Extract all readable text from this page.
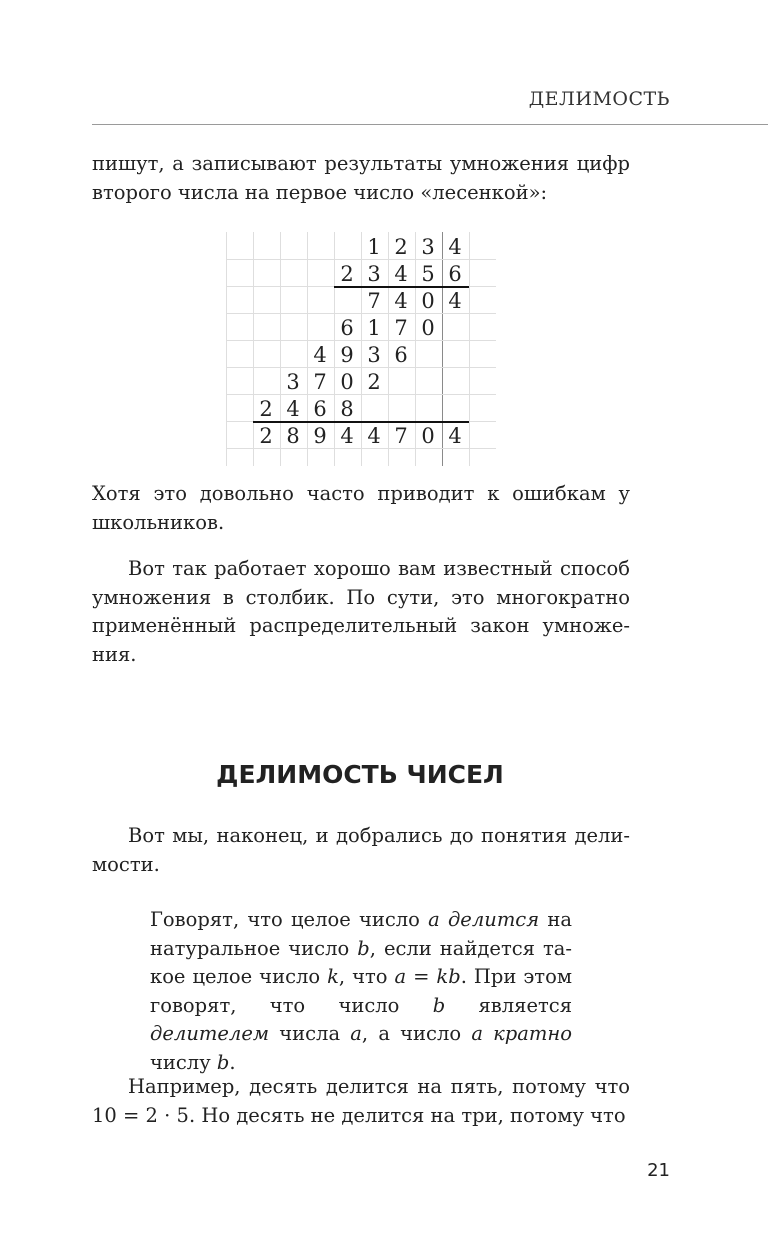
ДЕЛИМОСТЬ
пишут, а записывают результаты умножения цифр второго числа на первое число «лесенкой»:
1 2 3 4
2 3 4 5 6
7 4 0 4
6 1 7 0
4 9 3 6
3 7 0 2
2 4 6 8
2 8 9 4 4 7 0 4
Хотя это довольно часто приводит к ошибкам у школьников.
Вот так работает хорошо вам известный способ умножения в столбик. По сути, это многократно применённый распределительный закон умноже-ния.
ДЕЛИМОСТЬ ЧИСЕЛ
Вот мы, наконец, и добрались до понятия дели-мости.
Говорят, что целое число a делится на натуральное число b, если найдется та-кое целое число k, что a = kb. При этом говорят, что число b является делителем числа a, а число a кратно числу b.
Например, десять делится на пять, потому что 10 = 2 · 5. Но десять не делится на три, потому что
21
